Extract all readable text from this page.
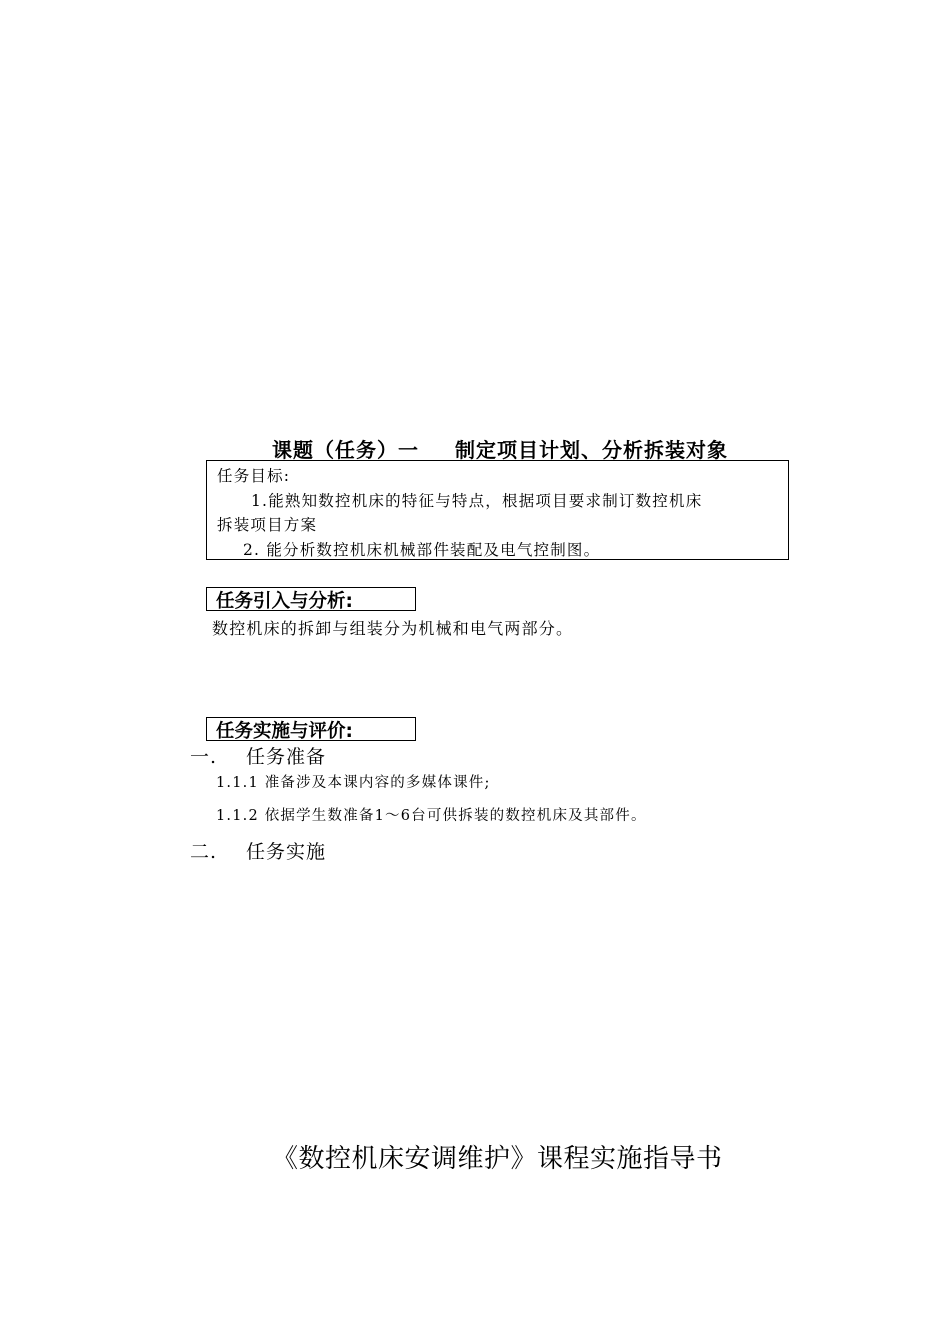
课题（任务）一 制定项目计划、分析拆装对象
任务目标:
1.能熟知数控机床的特征与特点，根据项目要求制订数控机床
拆装项目方案
2. 能分析数控机床机械部件装配及电气控制图。
任务引入与分析:
数控机床的拆卸与组装分为机械和电气两部分。
任务实施与评价:
一. 任务准备
1.1.1 准备涉及本课内容的多媒体课件;
1.1.2 依据学生数准备1～6台可供拆装的数控机床及其部件。
二. 任务实施
《数控机床安调维护》课程实施指导书
